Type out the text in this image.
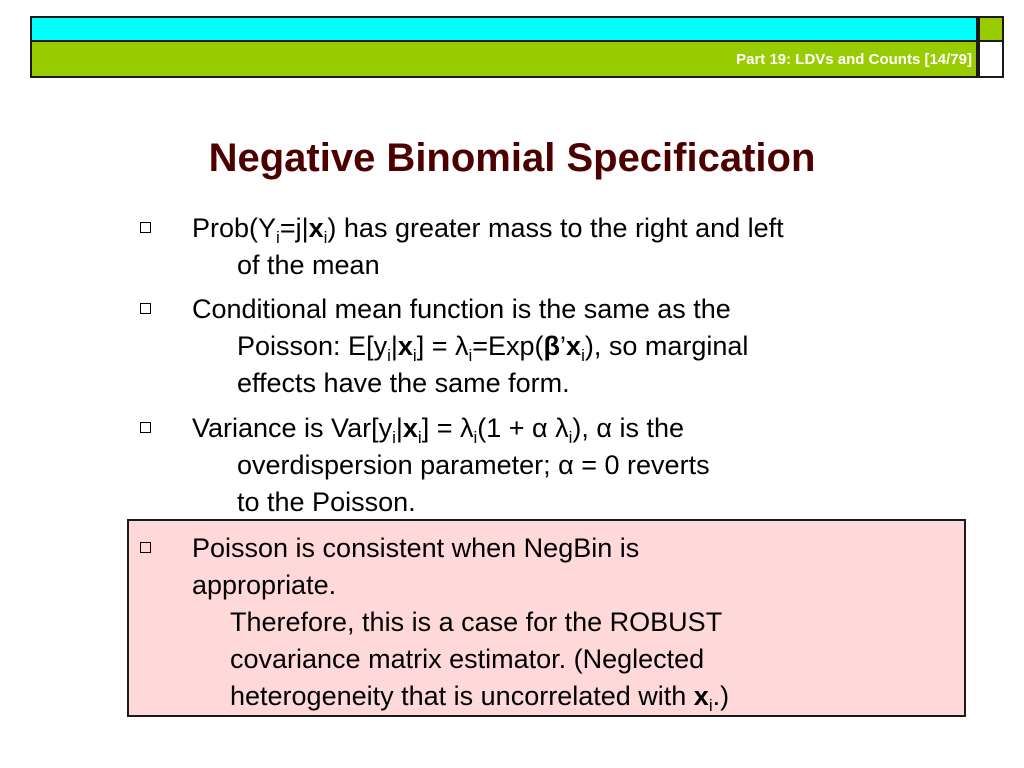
Part 19: LDVs and Counts [14/79]
Negative Binomial Specification
$Prob(Y_i=j|x_i)$ has greater mass to the right and left
of the mean
Conditional mean function is the same as the
Poisson: $E[y_i|x_i]$ = $\lambda_i=Exp(\beta’x_i)$, so marginal
effects have the same form.
Variance is $Var[y_i|x_i] = \lambda_i(1 + \alpha$ $\lambda_i$), α is the
overdispersion parameter; α = 0 reverts
to the Poisson.
Poisson is consistent when NegBin is
appropriate.
Therefore, this is a case for the ROBUST
covariance matrix estimator. (Neglected
heterogeneity that is uncorrelated with $x_i$.)
